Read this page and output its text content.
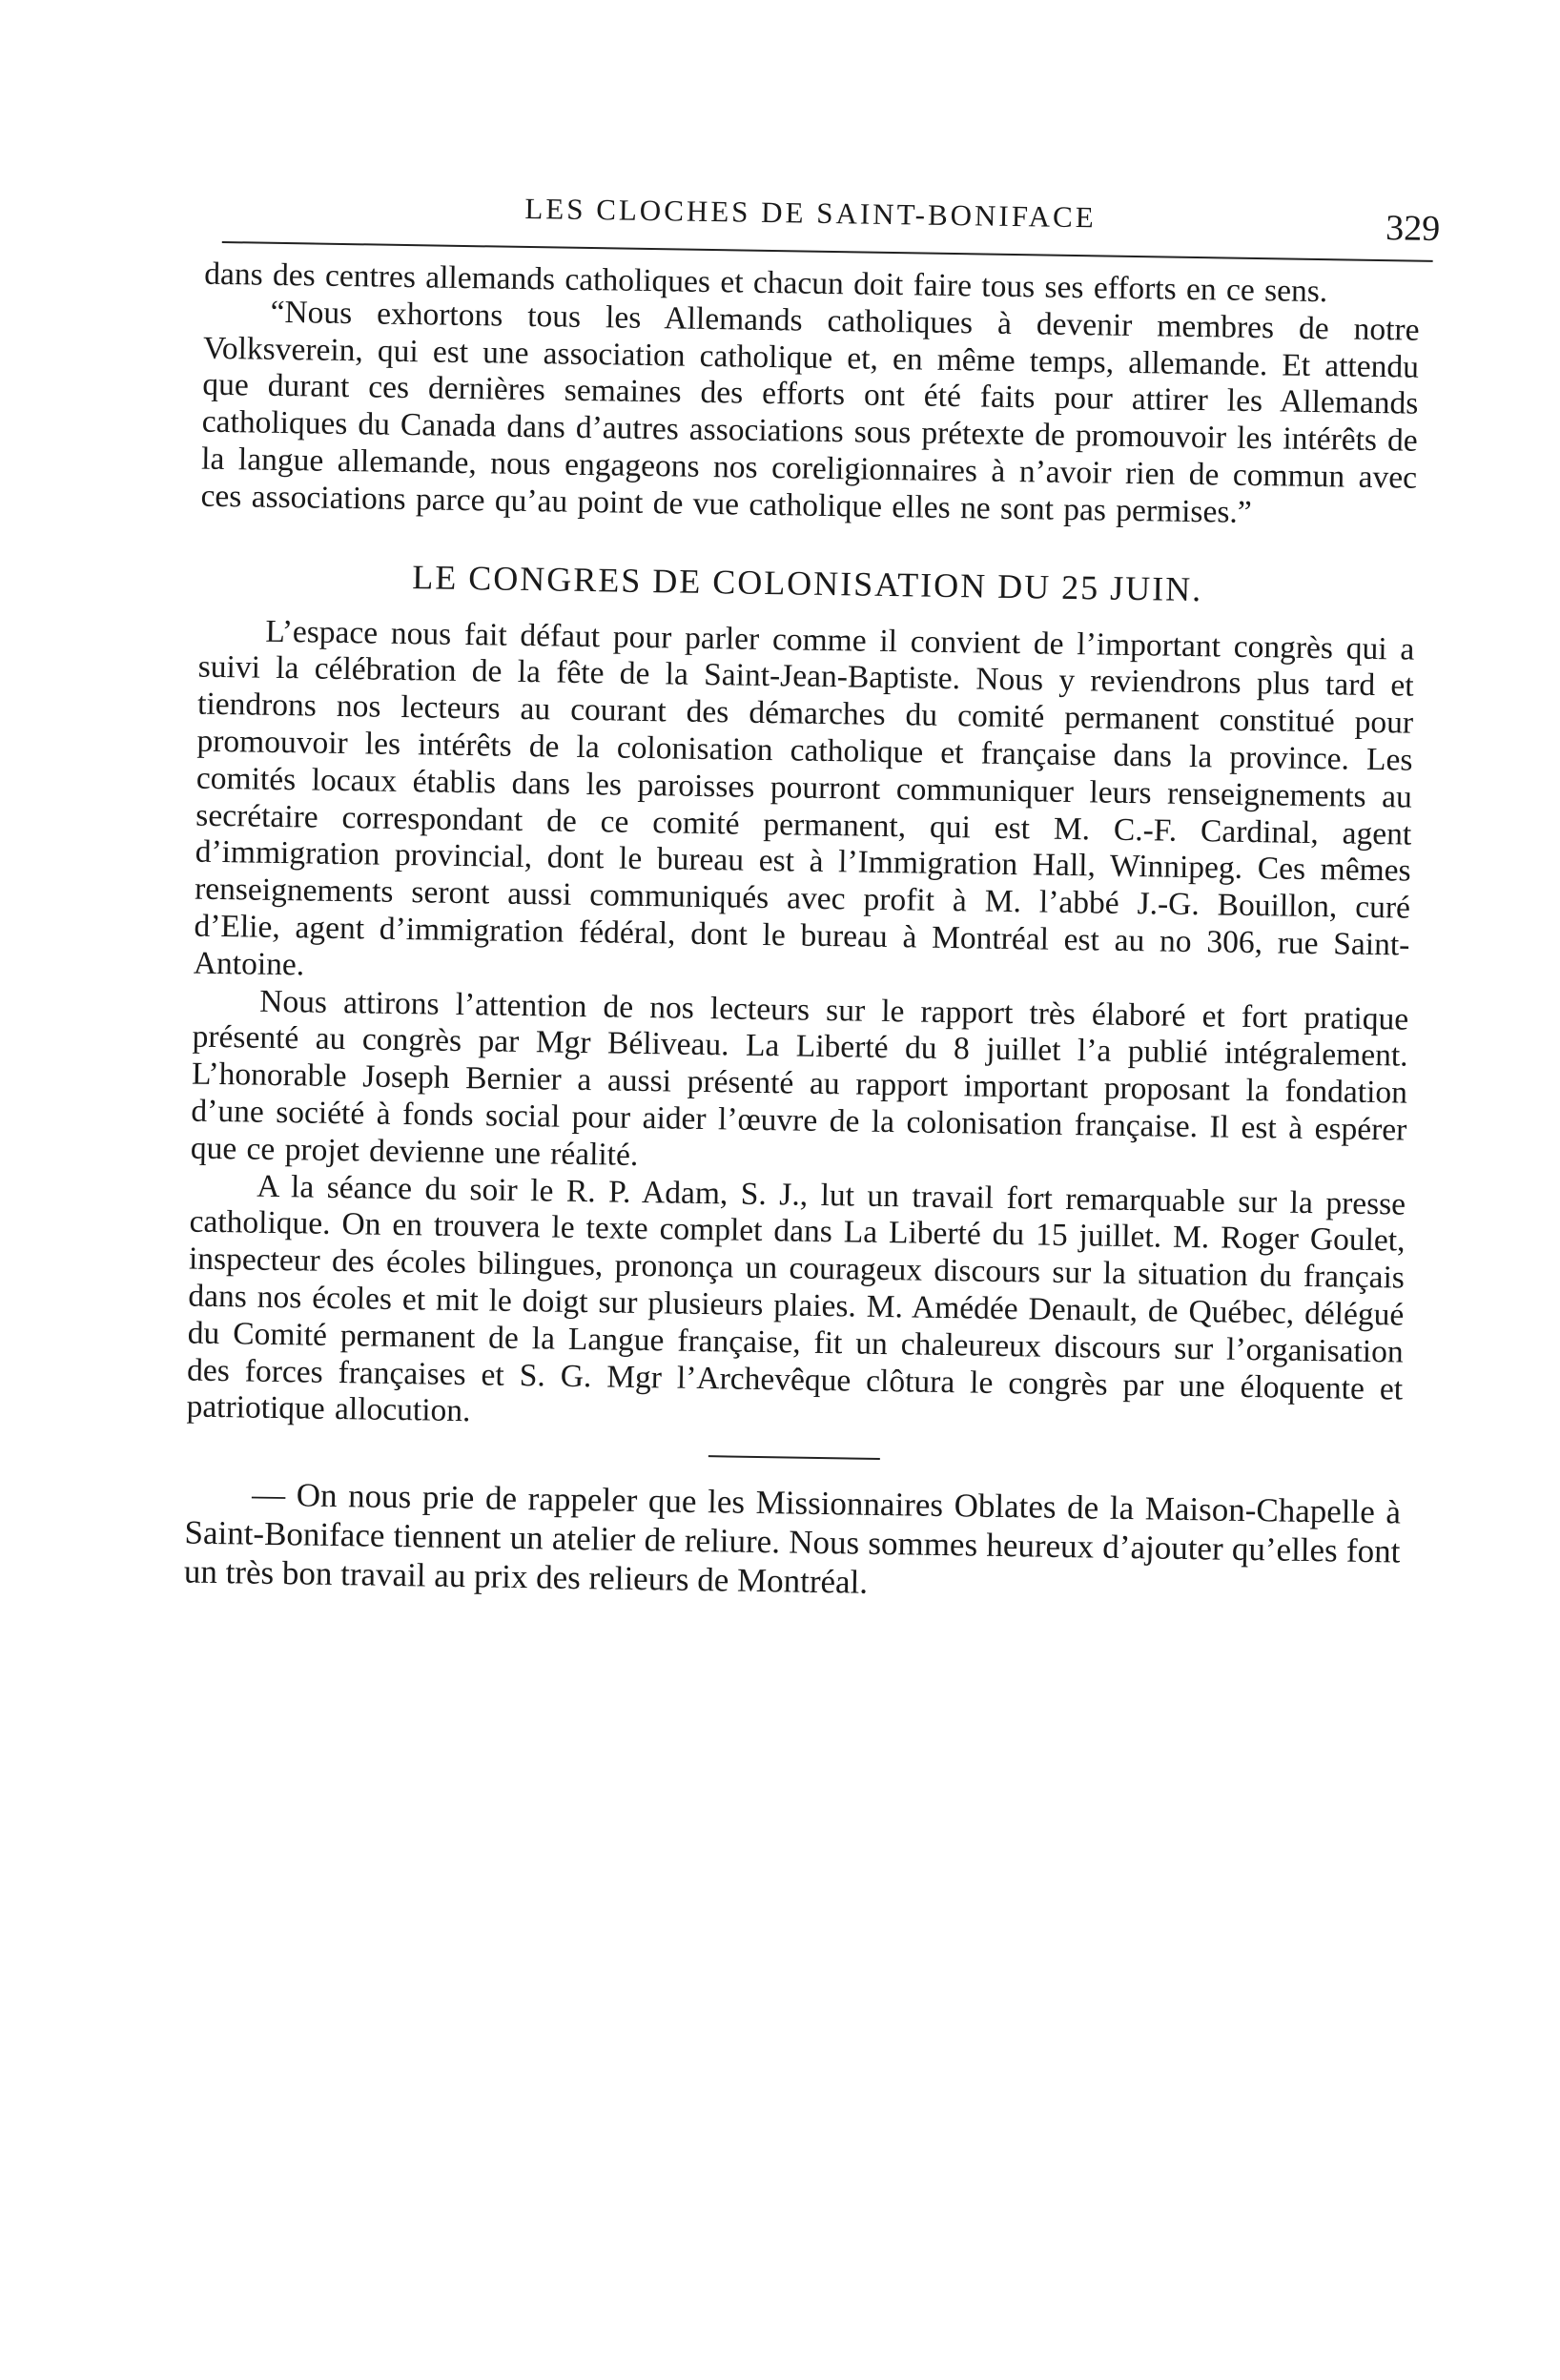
LES CLOCHES DE SAINT-BONIFACE	329

dans des centres allemands catholiques et chacun doit faire tous ses efforts en ce sens.

“Nous exhortons tous les Allemands catholiques à devenir membres de notre Volksverein, qui est une association catholique et, en même temps, allemande. Et attendu que durant ces dernières semaines des efforts ont été faits pour attirer les Allemands catholiques du Canada dans d’autres associations sous prétexte de promouvoir les intérêts de la langue allemande, nous engageons nos coreligionnaires à n’avoir rien de commun avec ces associations parce qu’au point de vue catholique elles ne sont pas permises.”

LE CONGRES DE COLONISATION DU 25 JUIN.

L’espace nous fait défaut pour parler comme il convient de l’important congrès qui a suivi la célébration de la fête de la Saint-Jean-Baptiste. Nous y reviendrons plus tard et tiendrons nos lecteurs au courant des démarches du comité permanent constitué pour promouvoir les intérêts de la colonisation catholique et française dans la province. Les comités locaux établis dans les paroisses pourront communiquer leurs renseignements au secrétaire correspondant de ce comité permanent, qui est M. C.-F. Cardinal, agent d’immigration provincial, dont le bureau est à l’Immigration Hall, Winnipeg. Ces mêmes renseignements seront aussi communiqués avec profit à M. l’abbé J.-G. Bouillon, curé d’Elie, agent d’immigration fédéral, dont le bureau à Montréal est au no 306, rue Saint-Antoine.

Nous attirons l’attention de nos lecteurs sur le rapport très élaboré et fort pratique présenté au congrès par Mgr Béliveau. La Liberté du 8 juillet l’a publié intégralement. L’honorable Joseph Bernier a aussi présenté au rapport important proposant la fondation d’une société à fonds social pour aider l’œuvre de la colonisation française. Il est à espérer que ce projet devienne une réalité.

A la séance du soir le R. P. Adam, S. J., lut un travail fort remarquable sur la presse catholique. On en trouvera le texte complet dans La Liberté du 15 juillet. M. Roger Goulet, inspecteur des écoles bilingues, prononça un courageux discours sur la situation du français dans nos écoles et mit le doigt sur plusieurs plaies. M. Amédée Denault, de Québec, délégué du Comité permanent de la Langue française, fit un chaleureux discours sur l’organisation des forces françaises et S. G. Mgr l’Archevêque clôtura le congrès par une éloquente et patriotique allocution.

— On nous prie de rappeler que les Missionnaires Oblates de la Maison-Chapelle à Saint-Boniface tiennent un atelier de reliure. Nous sommes heureux d’ajouter qu’elles font un très bon travail au prix des relieurs de Montréal.
